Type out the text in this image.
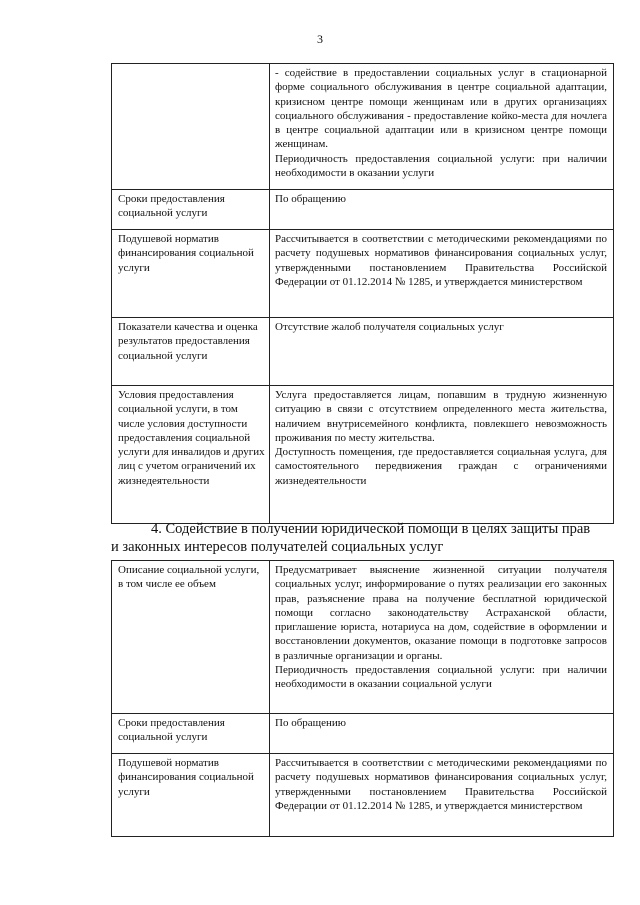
3

	- содействие в предоставлении социальных услуг в стационарной форме социального обслуживания в центре социальной адаптации, кризисном центре помощи женщинам или в других организациях социального обслуживания - предоставление койко-места для ночлега в центре социальной адаптации или в кризисном центре помощи женщинам.
Периодичность предоставления социальной услуги: при наличии необходимости в оказании услуги

Сроки предоставления социальной услуги	По обращению

Подушевой норматив финансирования социальной услуги	Рассчитывается в соответствии с методическими рекомендациями по расчету подушевых нормативов финансирования социальных услуг, утвержденными постановлением Правительства Российской Федерации от 01.12.2014 № 1285, и утверждается министерством

Показатели качества и оценка результатов предоставления социальной услуги	Отсутствие жалоб получателя социальных услуг

Условия предоставления социальной услуги, в том числе условия доступности предоставления социальной услуги для инвалидов и других лиц с учетом ограничений их жизнедеятельности	Услуга предоставляется лицам, попавшим в трудную жизненную ситуацию в связи с отсутствием определенного места жительства, наличием внутрисемейного конфликта, повлекшего невозможность проживания по месту жительства.
Доступность помещения, где предоставляется социальная услуга, для самостоятельного передвижения граждан с ограничениями жизнедеятельности
4. Содействие в получении юридической помощи в целях защиты прав
и законных интересов получателей социальных услуг
Описание социальной услуги, в том числе ее объем	Предусматривает выяснение жизненной ситуации получателя социальных услуг, информирование о путях реализации его законных прав, разъяснение права на получение бесплатной юридической помощи согласно законодательству Астраханской области, приглашение юриста, нотариуса на дом, содействие в оформлении и восстановлении документов, оказание помощи в подготовке запросов в различные организации и органы.
Периодичность предоставления социальной услуги: при наличии необходимости в оказании социальной услуги

Сроки предоставления социальной услуги	По обращению

Подушевой норматив финансирования социальной услуги	Рассчитывается в соответствии с методическими рекомендациями по расчету подушевых нормативов финансирования социальных услуг, утвержденными постановлением Правительства Российской Федерации от 01.12.2014 № 1285, и утверждается министерством
